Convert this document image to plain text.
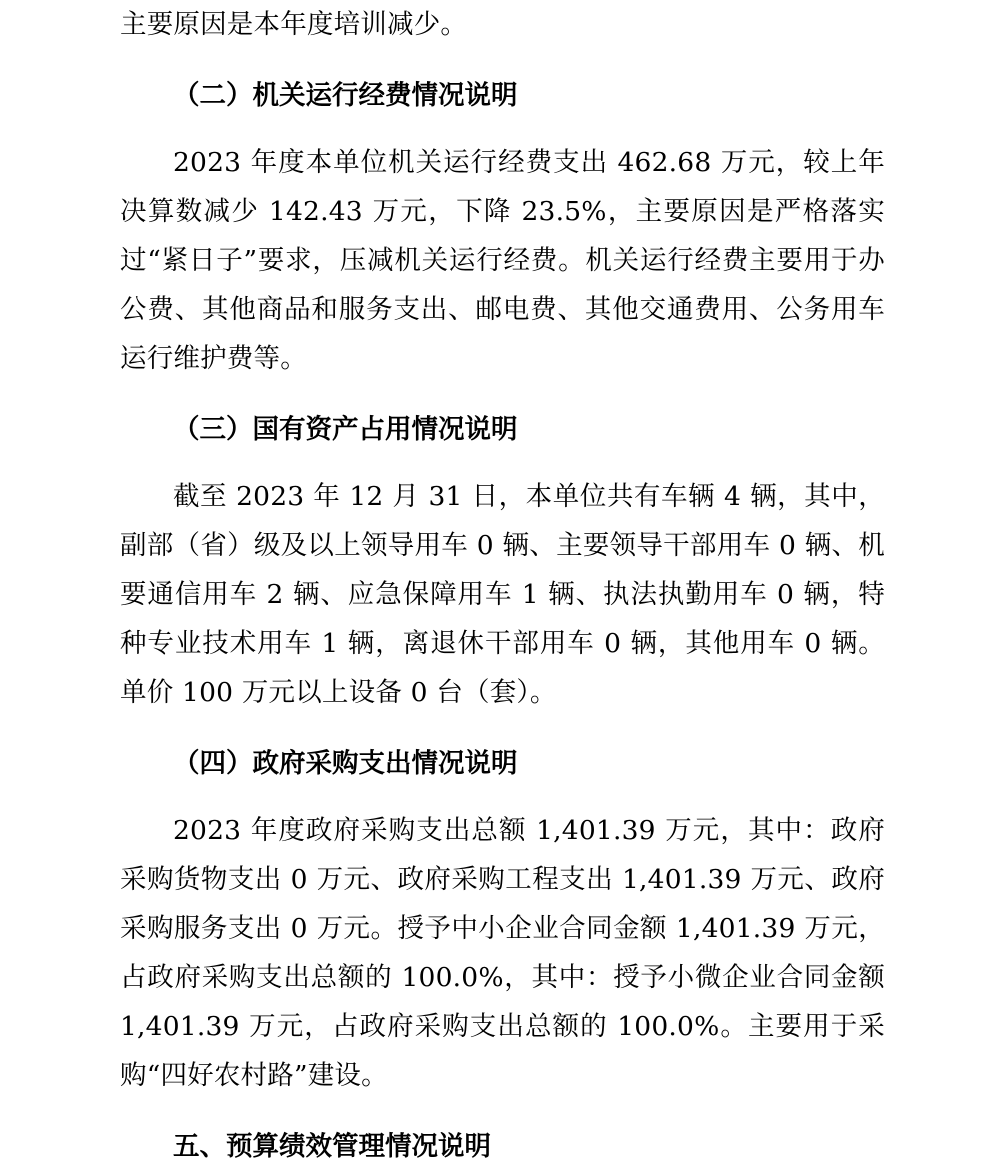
主要原因是本年度培训减少。

（二）机关运行经费情况说明

2023 年度本单位机关运行经费支出 462.68 万元，较上年决算数减少 142.43 万元，下降 23.5%，主要原因是严格落实过“紧日子”要求，压减机关运行经费。机关运行经费主要用于办公费、其他商品和服务支出、邮电费、其他交通费用、公务用车运行维护费等。

（三）国有资产占用情况说明

截至 2023 年 12 月 31 日，本单位共有车辆 4 辆，其中，副部（省）级及以上领导用车 0 辆、主要领导干部用车 0 辆、机要通信用车 2 辆、应急保障用车 1 辆、执法执勤用车 0 辆，特种专业技术用车 1 辆，离退休干部用车 0 辆，其他用车 0 辆。单价 100 万元以上设备 0 台（套）。

（四）政府采购支出情况说明

2023 年度政府采购支出总额 1,401.39 万元，其中：政府采购货物支出 0 万元、政府采购工程支出 1,401.39 万元、政府采购服务支出 0 万元。授予中小企业合同金额 1,401.39 万元，占政府采购支出总额的 100.0%，其中：授予小微企业合同金额 1,401.39 万元，占政府采购支出总额的 100.0%。主要用于采购“四好农村路”建设。

五、预算绩效管理情况说明
